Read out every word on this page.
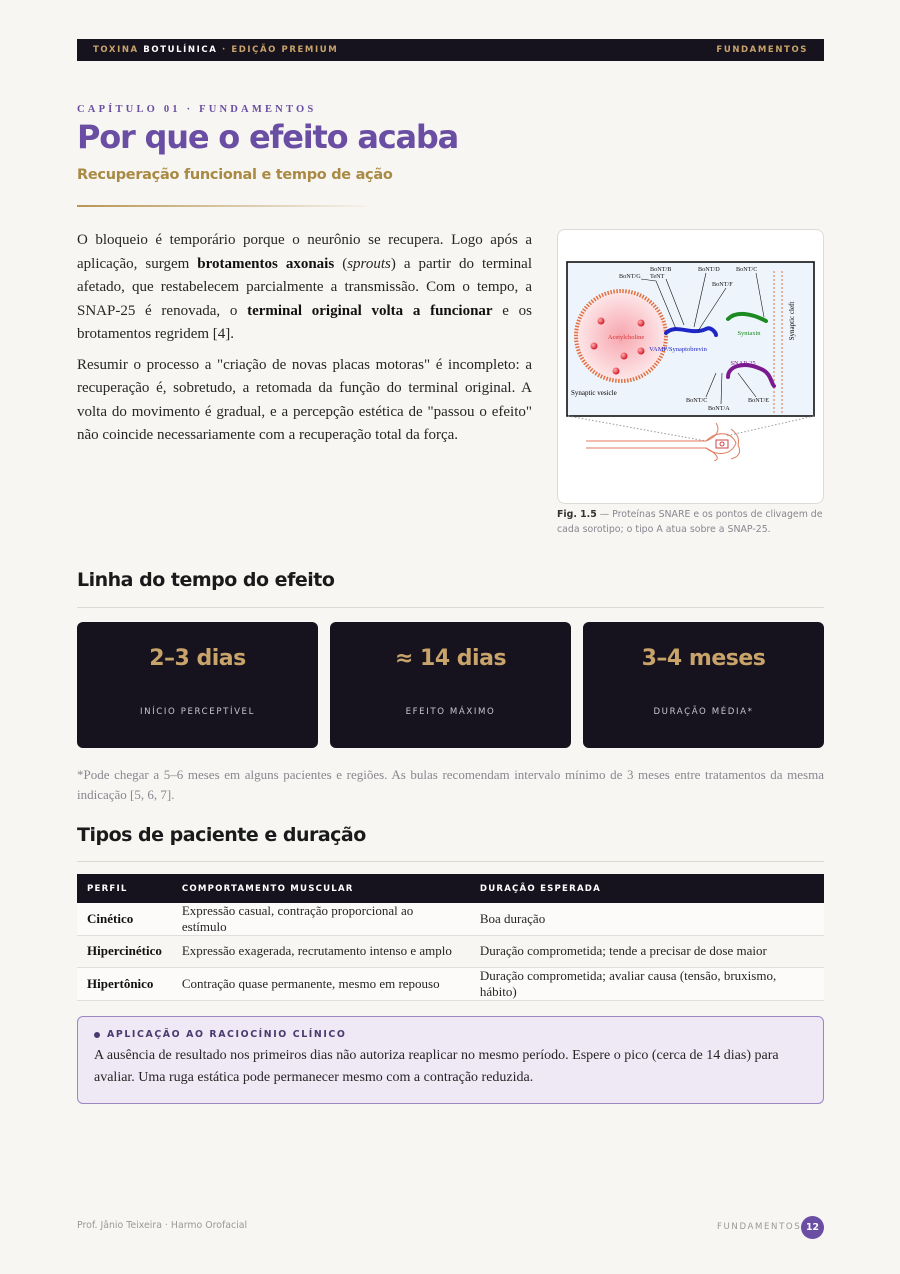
TOXINA BOTULÍNICA · EDIÇÃO PREMIUM	FUNDAMENTOS
CAPÍTULO 01 · FUNDAMENTOS
Por que o efeito acaba
Recuperação funcional e tempo de ação

O bloqueio é temporário porque o neurônio se recupera. Logo após a aplicação, surgem brotamentos axonais (sprouts) a partir do terminal afetado, que restabelecem parcialmente a transmissão. Com o tempo, a SNAP-25 é renovada, o terminal original volta a funcionar e os brotamentos regridem [4].

Resumir o processo a "criação de novas placas motoras" é incompleto: a recuperação é, sobretudo, a retomada da função do terminal original. A volta do movimento é gradual, e a percepção estética de "passou o efeito" não coincide necessariamente com a recuperação total da força.

Synaptic cleft
Acetylcholine
VAMP/Synaptobrevin
Syntaxin
SNAP-25
BoNT/B
TeNT
BoNT/G
BoNT/D
BoNT/F
BoNT/C
BoNT/C	BoNT/E
BoNT/A
Synaptic vesicle
Fig. 1.5 — Proteínas SNARE e os pontos de clivagem de cada sorotipo; o tipo A atua sobre a SNAP-25.
Linha do tempo do efeito
2–3 dias
INÍCIO PERCEPTÍVEL
≈ 14 dias
EFEITO MÁXIMO
3–4 meses
DURAÇÃO MÉDIA*
*Pode chegar a 5–6 meses em alguns pacientes e regiões. As bulas recomendam intervalo mínimo de 3 meses entre tratamentos da mesma indicação [5, 6, 7].
Tipos de paciente e duração
PERFIL	COMPORTAMENTO MUSCULAR	DURAÇÃO ESPERADA
Cinético	Expressão casual, contração proporcional ao estímulo	Boa duração
Hipercinético	Expressão exagerada, recrutamento intenso e amplo	Duração comprometida; tende a precisar de dose maior
Hipertônico	Contração quase permanente, mesmo em repouso	Duração comprometida; avaliar causa (tensão, bruxismo, hábito)
APLICAÇÃO AO RACIOCÍNIO CLÍNICO
A ausência de resultado nos primeiros dias não autoriza reaplicar no mesmo período. Espere o pico (cerca de 14 dias) para avaliar. Uma ruga estática pode permanecer mesmo com a contração reduzida.
Prof. Jânio Teixeira · Harmo Orofacial	FUNDAMENTOS 12
